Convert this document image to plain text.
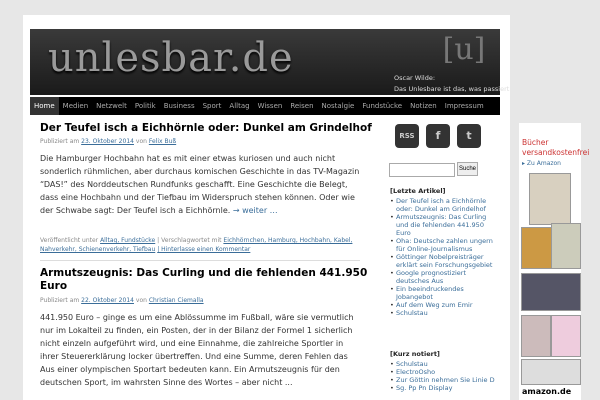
unlesbar.de	[u]
Oscar Wilde:
Das Unlesbare ist das, was passiert
Home	Medien	Netzwelt	Politik	Business	Sport	Alltag	Wissen	Reisen	Nostalgie	Fundstücke	Notizen	Impressum
Der Teufel isch a Eichhörnle oder: Dunkel am Grindelhof
Publiziert am 23. Oktober 2014 von Felix Buß
Die Hamburger Hochbahn hat es mit einer etwas kuriosen und auch nicht sonderlich rühmlichen, aber durchaus komischen Geschichte in das TV-Magazin “DAS!” des Norddeutschen Rundfunks geschafft. Eine Geschichte die Belegt, dass eine Hochbahn und der Tiefbau im Widerspruch stehen können. Oder wie der Schwabe sagt: Der Teufel isch a Eichhörnle. → weiter …
Veröffentlicht unter Alltag, Fundstücke | Verschlagwortet mit Eichhörnchen, Hamburg, Hochbahn, Kabel, Nahverkehr, Schienenverkehr, Tiefbau | Hinterlasse einen Kommentar
Armutszeugnis: Das Curling und die fehlenden 441.950 Euro
Publiziert am 22. Oktober 2014 von Christian Ciemalla
441.950 Euro – ginge es um eine Ablössumme im Fußball, wäre sie vermutlich nur im Lokalteil zu finden, ein Posten, der in der Bilanz der Formel 1 sicherlich nicht einzeln aufgeführt wird, und eine Einnahme, die zahlreiche Sportler in ihrer Steuererklärung locker übertreffen. Und eine Summe, deren Fehlen das Aus einer olympischen Sportart bedeuten kann. Ein Armutszeugnis für den deutschen Sport, im wahrsten Sinne des Wortes – aber nicht ...
RSS	f	t
Suche
[Letzte Artikel]
• Der Teufel isch a Eichhörnle oder: Dunkel am Grindelhof
• Armutszeugnis: Das Curling und die fehlenden 441.950 Euro
• Oha: Deutsche zahlen ungern für Online-Journalismus
• Göttinger Nobelpreisträger erklärt sein Forschungsgebiet
• Google prognostiziert deutsches Aus
• Ein beeindruckendes Jobangebot
• Auf dem Weg zum Emir
• Schulstau
[Kurz notiert]
• Schulstau
• ElectroOsho
• Zur Göttin nehmen Sie Linie D
• Sg. Pp Pn Display
Bücher
versandkostenfrei
▸ Zu Amazon
amazon.de
